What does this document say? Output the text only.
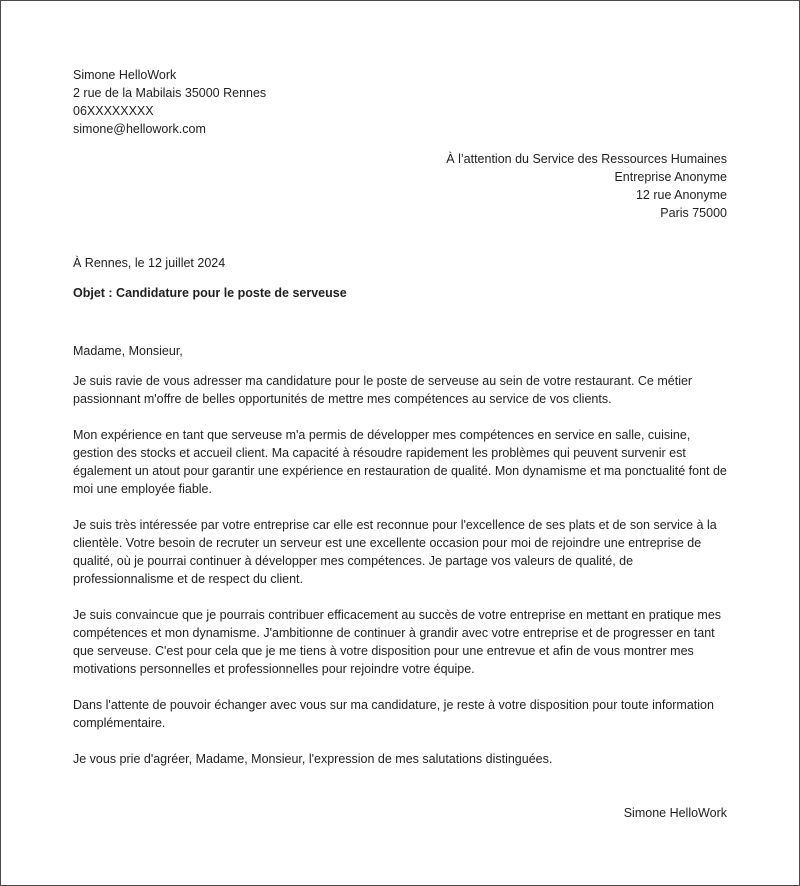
Simone HelloWork
2 rue de la Mabilais 35000 Rennes
06XXXXXXXX
simone@hellowork.com
À l’attention du Service des Ressources Humaines
Entreprise Anonyme
12 rue Anonyme
Paris 75000
À Rennes, le 12 juillet 2024
Objet : Candidature pour le poste de serveuse
Madame, Monsieur,

Je suis ravie de vous adresser ma candidature pour le poste de serveuse au sein de votre restaurant. Ce métier passionnant m'offre de belles opportunités de mettre mes compétences au service de vos clients.

Mon expérience en tant que serveuse m'a permis de développer mes compétences en service en salle, cuisine, gestion des stocks et accueil client. Ma capacité à résoudre rapidement les problèmes qui peuvent survenir est également un atout pour garantir une expérience en restauration de qualité. Mon dynamisme et ma ponctualité font de moi une employée fiable.

Je suis très intéressée par votre entreprise car elle est reconnue pour l'excellence de ses plats et de son service à la clientèle. Votre besoin de recruter un serveur est une excellente occasion pour moi de rejoindre une entreprise de qualité, où je pourrai continuer à développer mes compétences. Je partage vos valeurs de qualité, de professionnalisme et de respect du client.

Je suis convaincue que je pourrais contribuer efficacement au succès de votre entreprise en mettant en pratique mes compétences et mon dynamisme. J'ambitionne de continuer à grandir avec votre entreprise et de progresser en tant que serveuse. C'est pour cela que je me tiens à votre disposition pour une entrevue et afin de vous montrer mes motivations personnelles et professionnelles pour rejoindre votre équipe.

Dans l'attente de pouvoir échanger avec vous sur ma candidature, je reste à votre disposition pour toute information complémentaire.

Je vous prie d'agréer, Madame, Monsieur, l'expression de mes salutations distinguées.

Simone HelloWork
